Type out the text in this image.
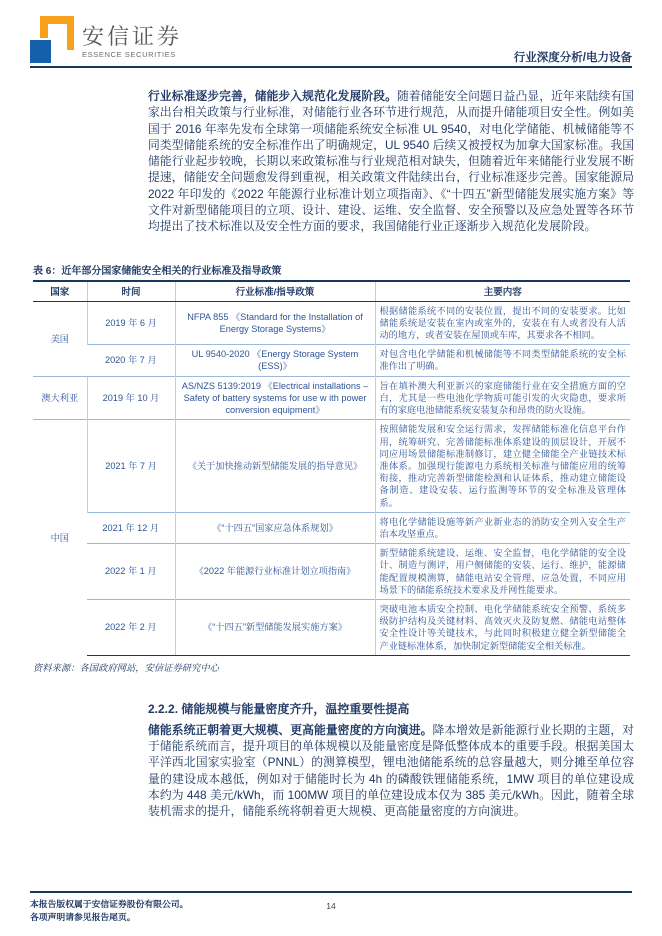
安信证券
ESSENCE SECURITIES	行业深度分析/电力设备

行业标准逐步完善，储能步入规范化发展阶段。随着储能安全问题日益凸显，近年来陆续有国家出台相关政策与行业标准，对储能行业各环节进行规范，从而提升储能项目安全性。例如美国于 2016 年率先发布全球第一项储能系统安全标准 UL 9540，对电化学储能、机械储能等不同类型储能系统的安全标准作出了明确规定，UL 9540 后续又被授权为加拿大国家标准。我国储能行业起步较晚，长期以来政策标准与行业规范相对缺失，但随着近年来储能行业发展不断提速，储能安全问题愈发得到重视，相关政策文件陆续出台，行业标准逐步完善。国家能源局 2022 年印发的《2022 年能源行业标准计划立项指南》、《“十四五”新型储能发展实施方案》等文件对新型储能项目的立项、设计、建设、运维、安全监督、安全预警以及应急处置等各环节均提出了技术标准以及安全性方面的要求，我国储能行业正逐渐步入规范化发展阶段。

表 6：近年部分国家储能安全相关的行业标准及指导政策
国家	时间	行业标准/指导政策	主要内容
美国	2019 年 6 月	NFPA 855 《Standard for the Installation of Energy Storage Systems》	根据储能系统不同的安装位置，提出不同的安装要求。比如储能系统是安装在室内或室外的，安装在有人或者没有人活动的地方，或者安装在屋顶或车库，其要求各不相同。
	2020 年 7 月	UL 9540-2020 《Energy Storage System (ESS)》	对包含电化学储能和机械储能等不同类型储能系统的安全标准作出了明确。
澳大利亚	2019 年 10 月	AS/NZS 5139:2019 《Electrical installations – Safety of battery systems for use w ith power conversion equipment》	旨在填补澳大利亚新兴的家庭储能行业在安全措施方面的空白，尤其是一些电池化学物质可能引发的火灾隐患，要求所有的家庭电池储能系统安装复杂和昂贵的防火设施。
中国	2021 年 7 月	《关于加快推动新型储能发展的指导意见》	按照储能发展和安全运行需求，发挥储能标准化信息平台作用，统筹研究、完善储能标准体系建设的顶层设计，开展不同应用场景储能标准制修订，建立健全储能全产业链技术标准体系。加强现行能源电力系统相关标准与储能应用的统筹衔接，推动完善新型储能检测和认证体系，推动建立储能设备制造、建设安装、运行监测等环节的安全标准及管理体系。
	2021 年 12 月	《“十四五”国家应急体系规划》	将电化学储能设施等新产业新业态的消防安全列入安全生产治本攻坚重点。
	2022 年 1 月	《2022 年能源行业标准计划立项指南》	新型储能系统建设、运维、安全监督，电化学储能的安全设计、制造与测评，用户侧储能的安装、运行、维护，能源储能配置规模测算，储能电站安全管理、应急处置，不同应用场景下的储能系统技术要求及并网性能要求。
	2022 年 2 月	《“十四五”新型储能发展实施方案》	突破电池本质安全控制、电化学储能系统安全预警、系统多级防护结构及关键材料、高效灭火及防复燃、储能电站整体安全性设计等关键技术，与此同时积极建立健全新型储能全产业链标准体系，加快制定新型储能安全相关标准。
资料来源：各国政府网站，安信证券研究中心
2.2.2. 储能规模与能量密度齐升，温控重要性提高

储能系统正朝着更大规模、更高能量密度的方向演进。降本增效是新能源行业长期的主题，对于储能系统而言，提升项目的单体规模以及能量密度是降低整体成本的重要手段。根据美国太平洋西北国家实验室（PNNL）的测算模型，锂电池储能系统的总容量越大，则分摊至单位容量的建设成本越低，例如对于储能时长为 4h 的磷酸铁锂储能系统，1MW 项目的单位建设成本约为 448 美元/kWh，而 100MW 项目的单位建设成本仅为 385 美元/kWh。因此，随着全球装机需求的提升，储能系统将朝着更大规模、更高能量密度的方向演进。

本报告版权属于安信证券股份有限公司。
各项声明请参见报告尾页。
14
